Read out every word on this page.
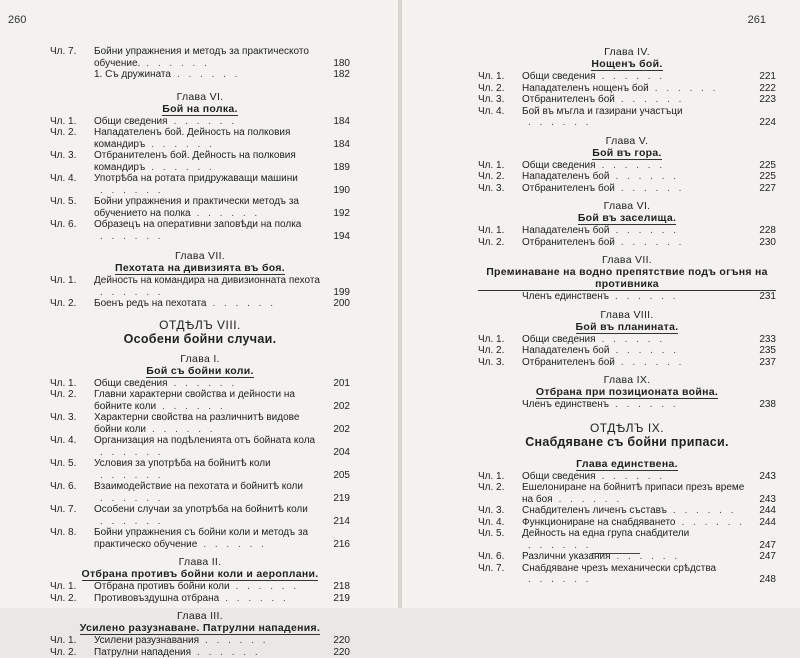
260
Чл. 7.	Бойни упражнения и методъ за практическото обучение. . . . . . .	180
1. Съ дружината . . . . . .	182
Глава VI.
Бой на полка.
Чл. 1.	Общи сведения . . . . . .	184
Чл. 2.	Нападателенъ бой. Дейность на полковия командиръ . . . . . .	184
Чл. 3.	Отбранителенъ бой. Дейность на полковия командиръ . . . . . .	189
Чл. 4.	Употрѣба на ротата придружаващи машини. . . . . .	190
Чл. 5.	Бойни упражнения и практически методъ за обучението на полка . . . . . .	192
Чл. 6.	Образецъ на оперативни заповѣди на полка. . . . . .	194
Глава VII.
Пехотата на дивизията въ боя.
Чл. 1.	Дейность на командира на дивизионната пехота. . . . . .	199
Чл. 2.	Боенъ редъ на пехотата . . . . . .	200
ОТДѢЛЪ VIII.
Особени бойни случаи.
Глава I.
Бой съ бойни коли.
Чл. 1.	Общи сведения . . . . . .	201
Чл. 2.	Главни характерни свойства и дейности на бойните коли . . . . . .	202
Чл. 3.	Характерни свойства на различнитѣ видове бойни коли . . . . . .	202
Чл. 4.	Организация на подѣленията отъ бойната кола. . . . . .	204
Чл. 5.	Условия за употрѣба на бойнитѣ коли. . . . . .	205
Чл. 6.	Взаимодействие на пехотата и бойнитѣ коли. . . . . .	219
Чл. 7.	Особени случаи за употрѣба на бойнитѣ коли. . . . . .	214
Чл. 8.	Бойни упражнения съ бойни коли и методъ за практическо обучение . . . . . .	216
Глава II.
Отбрана противъ бойни коли и аероплани.
Чл. 1.	Отбрана противъ бойни коли . . . . . .	218
Чл. 2.	Противовъздушна отбрана . . . . . .	219
Глава III.
Усилено разузнаване. Патрулни нападения.
Чл. 1.	Усилени разузнавания . . . . . .	220
Чл. 2.	Патрулни нападения . . . . . .	220
261
Глава IV.
Нощенъ бой.
Чл. 1.	Общи сведения . . . . . .	221
Чл. 2.	Нападателенъ нощенъ бой . . . . . .	222
Чл. 3.	Отбранителенъ бой . . . . . .	223
Чл. 4.	Бой въ мъгла и газирани участъци. . . . . .	224
Глава V.
Бой въ гора.
Чл. 1.	Общи сведения . . . . . .	225
Чл. 2.	Нападателенъ бой . . . . . .	225
Чл. 3.	Отбранителенъ бой . . . . . .	227
Глава VI.
Бой въ заселища.
Чл. 1.	Нападателенъ бой . . . . . .	228
Чл. 2.	Отбранителенъ бой . . . . . .	230
Глава VII.
Преминаване на водно препятствие подъ огъня на противника
Членъ единственъ . . . . . .	231
Глава VIII.
Бой въ планината.
Чл. 1.	Общи сведения . . . . . .	233
Чл. 2.	Нападателенъ бой . . . . . .	235
Чл. 3.	Отбранителенъ бой . . . . . .	237
Глава IX.
Отбрана при позиционата война.
Членъ единственъ . . . . . .	238
ОТДѢЛЪ IX.
Снабдяване съ бойни припаси.
Глава единствена.
Чл. 1.	Общи сведения . . . . . .	243
Чл. 2.	Ешелониране на бойнитѣ припаси презъ време на боя . . . . . .	243
Чл. 3.	Снабдителенъ личенъ съставъ . . . . . .	244
Чл. 4.	Функциониране на снабдяването . . . . . .	244
Чл. 5.	Дейность на една група снабдители. . . . . .	247
Чл. 6.	Различни указания . . . . . .	247
Чл. 7.	Снабдяване чрезъ механически срѣдства. . . . . .	248
